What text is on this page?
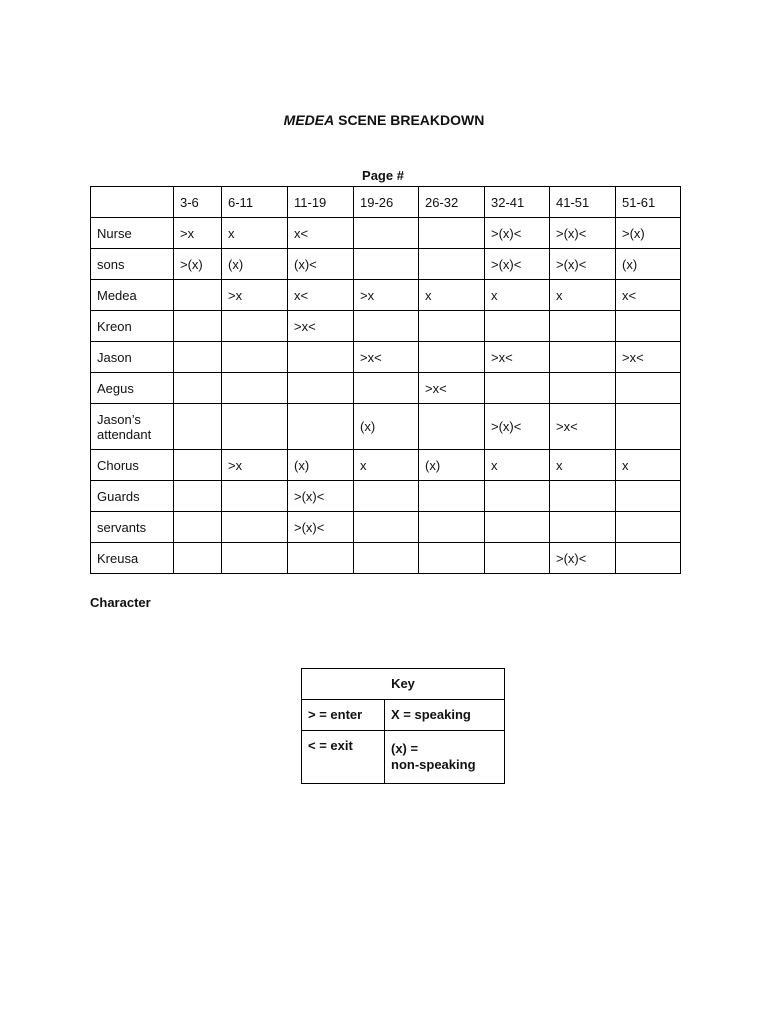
MEDEA SCENE BREAKDOWN
Page #
	3-6	6-11	11-19	19-26	26-32	32-41	41-51	51-61
Nurse	>x	x	x<			>(x)<	>(x)<	>(x)
sons	>(x)	(x)	(x)<			>(x)<	>(x)<	(x)
Medea		>x	x<	>x	x	x	x	x<
Kreon			>x<					
Jason				>x<		>x<		>x<
Aegus					>x<			
Jason’s
attendant				(x)		>(x)<	>x<	
Chorus		>x	(x)	x	(x)	x	x	x
Guards			>(x)<					
servants			>(x)<					
Kreusa							>(x)<	
Character
Key	
> = enter	X = speaking
< = exit	(x) =
non-speaking
